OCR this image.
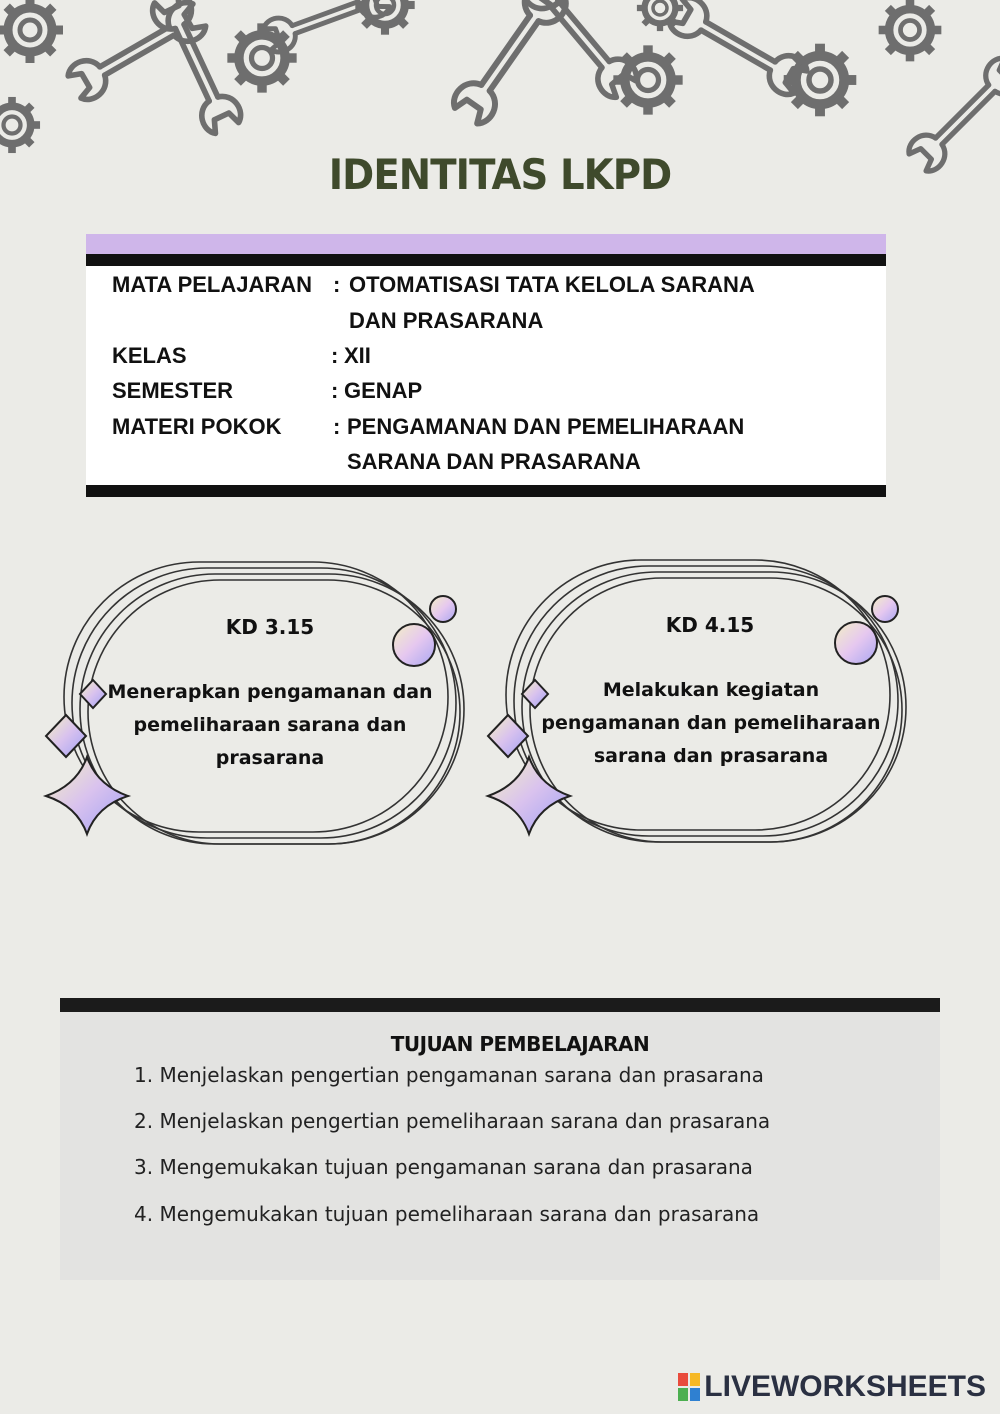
IDENTITAS LKPD
MATA PELAJARAN : OTOMATISASI TATA KELOLA SARANA
DAN PRASARANA
KELAS	: XII
SEMESTER	: GENAP
MATERI POKOK : PENGAMANAN DAN PEMELIHARAAN
SARANA DAN PRASARANA
KD 3.15
Menerapkan pengamanan dan
pemeliharaan sarana dan
prasarana
KD 4.15
Melakukan kegiatan
pengamanan dan pemeliharaan
sarana dan prasarana
TUJUAN PEMBELAJARAN
1. Menjelaskan pengertian pengamanan sarana dan prasarana
2. Menjelaskan pengertian pemeliharaan sarana dan prasarana
3. Mengemukakan tujuan pengamanan sarana dan prasarana
4. Mengemukakan tujuan pemeliharaan sarana dan prasarana
LIVEWORKSHEETS
